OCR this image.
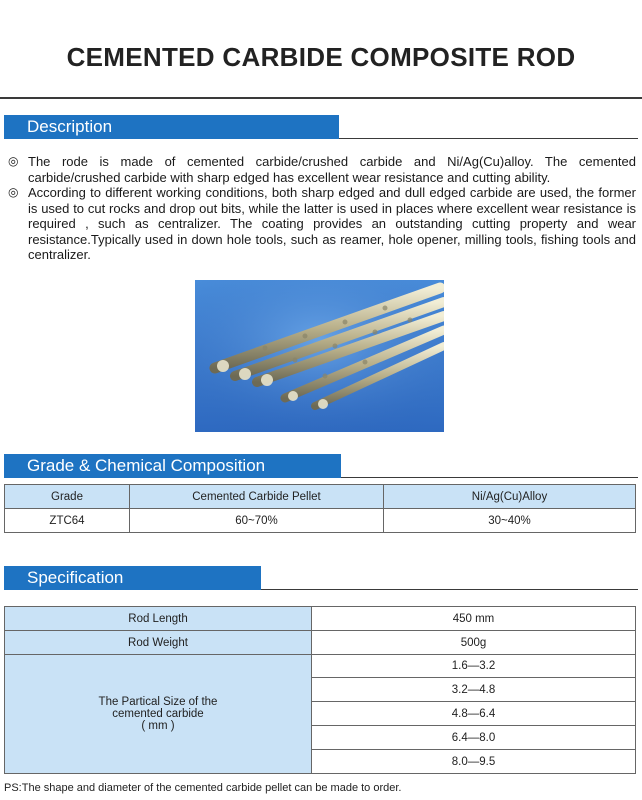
CEMENTED CARBIDE COMPOSITE ROD
Description
◎ The rode is made of cemented carbide/crushed carbide and Ni/Ag(Cu)alloy. The cemented carbide/crushed carbide with sharp edged has excellent wear resistance and cutting ability.
◎ According to different working conditions, both sharp edged and dull edged carbide are used, the former is used to cut rocks and drop out bits, while the latter is used in places where excellent wear resistance is required , such as centralizer. The coating provides an outstanding cutting property and wear resistance.Typically used in down hole tools, such as reamer, hole opener, milling tools, fishing tools and centralizer.
Grade & Chemical Composition
Grade	Cemented Carbide Pellet	Ni/Ag(Cu)Alloy
ZTC64	60~70%	30~40%
Specification
Rod Length	450 mm
Rod Weight	500g

The Partical Size of the
cemented carbide
( mm )	1.6—3.2
	3.2—4.8
	4.8—6.4
	6.4—8.0
	8.0—9.5
PS:The shape and diameter of the cemented carbide pellet can be made to order.
